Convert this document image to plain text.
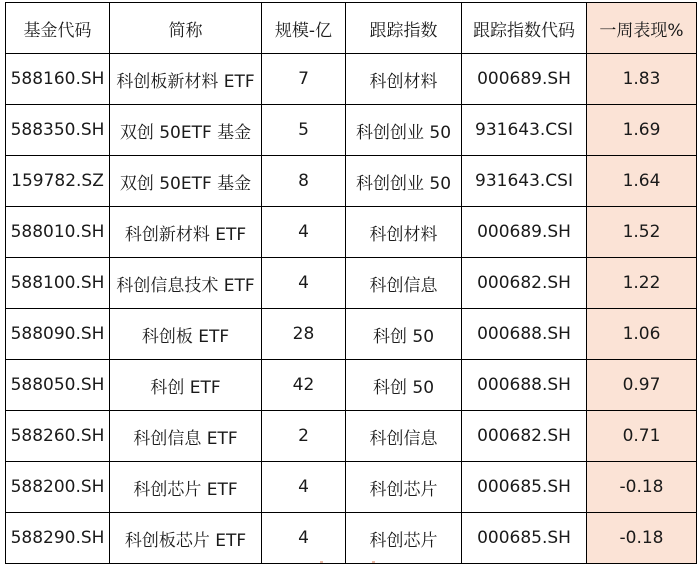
基金代码	简称	规模-亿	跟踪指数	跟踪指数代码	一周表现%
588160.SH	科创板新材料 ETF	7	科创材料	000689.SH	1.83
588350.SH	双创 50ETF 基金	5	科创创业 50	931643.CSI	1.69
159782.SZ	双创 50ETF 基金	8	科创创业 50	931643.CSI	1.64
588010.SH	科创新材料 ETF	4	科创材料	000689.SH	1.52
588100.SH	科创信息技术 ETF	4	科创信息	000682.SH	1.22
588090.SH	科创板 ETF	28	科创 50	000688.SH	1.06
588050.SH	科创 ETF	42	科创 50	000688.SH	0.97
588260.SH	科创信息 ETF	2	科创信息	000682.SH	0.71
588200.SH	科创芯片 ETF	4	科创芯片	000685.SH	-0.18
588290.SH	科创板芯片 ETF	4	科创芯片	000685.SH	-0.18
